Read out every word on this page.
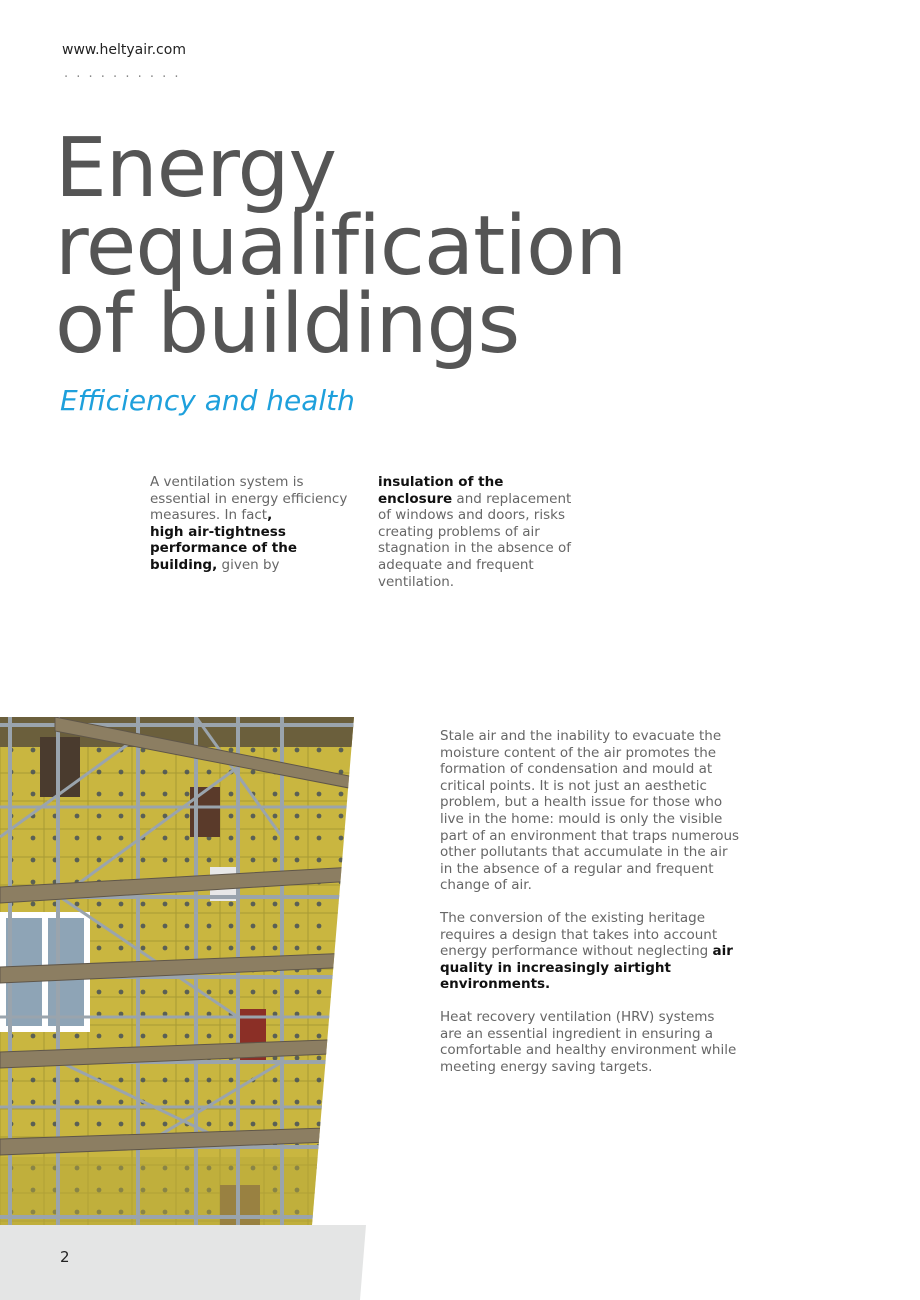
www.heltyair.com
. . . . . . . . . .
Energy
requalification
of buildings
Efficiency and health
A ventilation system is essential in energy efficiency measures. In fact,
high air-tightness performance of the building, given by
insulation of the enclosure and replacement of windows and doors, risks creating problems of air stagnation in the absence of adequate and frequent ventilation.
2

Stale air and the inability to evacuate the moisture content of the air promotes the formation of condensation and mould at critical points. It is not just an aesthetic problem, but a health issue for those who live in the home: mould is only the visible part of an environment that traps numerous other pollutants that accumulate in the air in the absence of a regular and frequent change of air.

The conversion of the existing heritage requires a design that takes into account energy performance without neglecting air quality in increasingly airtight environments.

Heat recovery ventilation (HRV) systems are an essential ingredient in ensuring a comfortable and healthy environment while meeting energy saving targets.
